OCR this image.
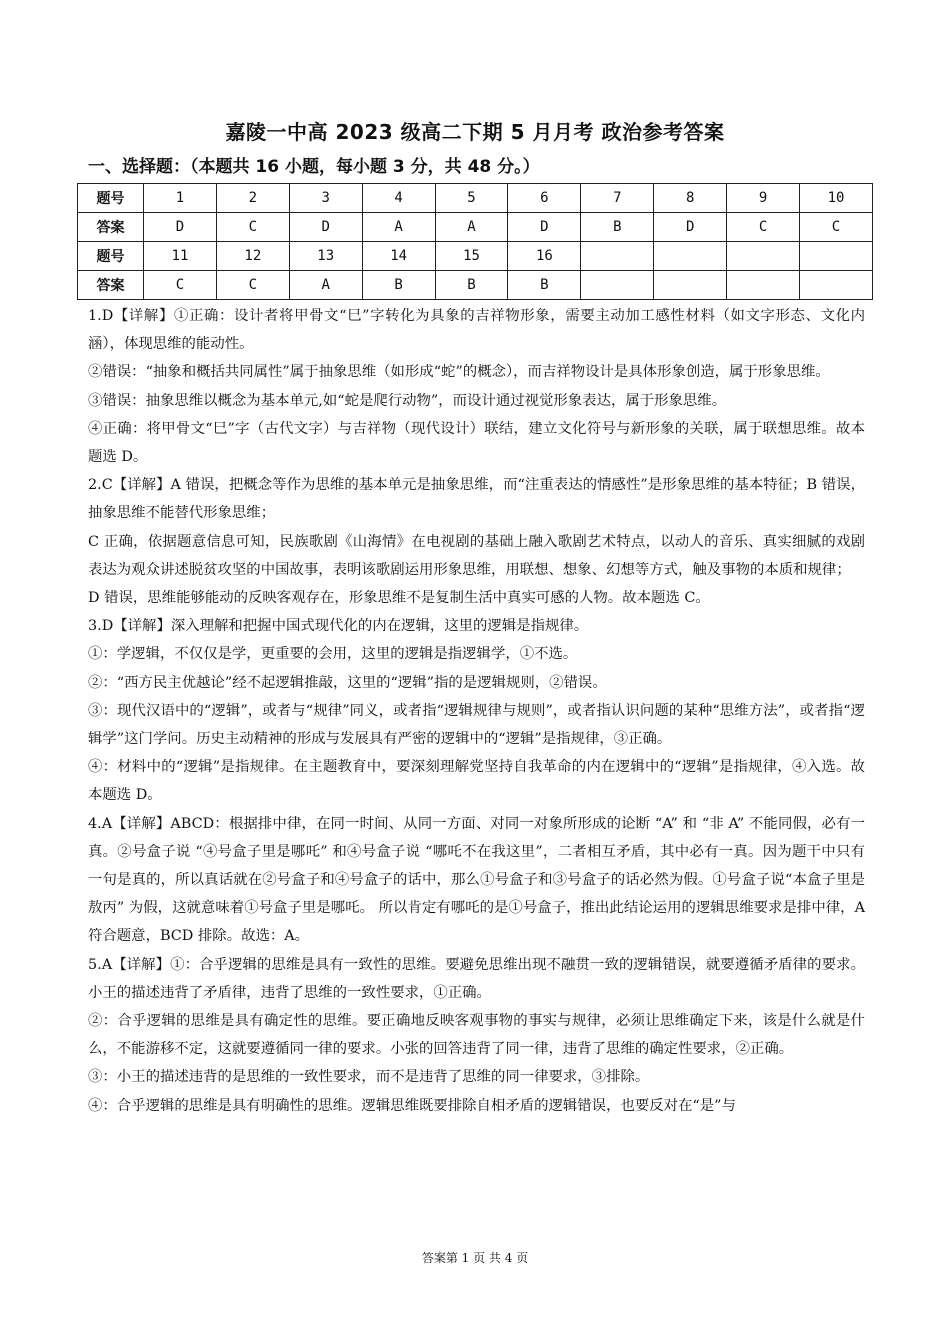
嘉陵一中高 2023 级高二下期 5 月月考 政治参考答案
一、选择题：（本题共 16 小题，每小题 3 分，共 48 分。）
题号	1	2	3	4	5	6	7	8	9	10
答案	D	C	D	A	A	D	B	D	C	C
题号	11	12	13	14	15	16				
答案	C	C	A	B	B	B				

1.D【详解】①正确：设计者将甲骨文“巳”字转化为具象的吉祥物形象，需要主动加工感性材料（如文字形态、文化内涵），体现思维的能动性。

②错误：“抽象和概括共同属性”属于抽象思维（如形成“蛇”的概念），而吉祥物设计是具体形象创造，属于形象思维。

③错误：抽象思维以概念为基本单元,如“蛇是爬行动物”，而设计通过视觉形象表达，属于形象思维。

④正确：将甲骨文“巳”字（古代文字）与吉祥物（现代设计）联结，建立文化符号与新形象的关联，属于联想思维。故本题选 D。

2.C【详解】A 错误，把概念等作为思维的基本单元是抽象思维，而“注重表达的情感性”是形象思维的基本特征；B 错误，抽象思维不能替代形象思维；

C 正确，依据题意信息可知，民族歌剧《山海情》在电视剧的基础上融入歌剧艺术特点，以动人的音乐、真实细腻的戏剧表达为观众讲述脱贫攻坚的中国故事，表明该歌剧运用形象思维，用联想、想象、幻想等方式，触及事物的本质和规律；

D 错误，思维能够能动的反映客观存在，形象思维不是复制生活中真实可感的人物。故本题选 C。

3.D【详解】深入理解和把握中国式现代化的内在逻辑，这里的逻辑是指规律。

①：学逻辑，不仅仅是学，更重要的会用，这里的逻辑是指逻辑学，①不选。

②：“西方民主优越论”经不起逻辑推敲，这里的“逻辑”指的是逻辑规则，②错误。

③：现代汉语中的“逻辑”，或者与“规律”同义，或者指“逻辑规律与规则”，或者指认识问题的某种“思维方法”，或者指“逻辑学”这门学问。历史主动精神的形成与发展具有严密的逻辑中的“逻辑”是指规律，③正确。

④：材料中的“逻辑”是指规律。在主题教育中，要深刻理解党坚持自我革命的内在逻辑中的“逻辑”是指规律，④入选。故本题选 D。

4.A【详解】ABCD：根据排中律，在同一时间、从同一方面、对同一对象所形成的论断 “A” 和 “非 A” 不能同假，必有一真。②号盒子说 “④号盒子里是哪吒” 和④号盒子说 “哪吒不在我这里”，二者相互矛盾，其中必有一真。因为题干中只有一句是真的，所以真话就在②号盒子和④号盒子的话中，那么①号盒子和③号盒子的话必然为假。①号盒子说“本盒子里是敖丙” 为假，这就意味着①号盒子里是哪吒。 所以肯定有哪吒的是①号盒子，推出此结论运用的逻辑思维要求是排中律，A 符合题意，BCD 排除。故选：A。

5.A【详解】①：合乎逻辑的思维是具有一致性的思维。要避免思维出现不融贯一致的逻辑错误，就要遵循矛盾律的要求。小王的描述违背了矛盾律，违背了思维的一致性要求，①正确。

②：合乎逻辑的思维是具有确定性的思维。要正确地反映客观事物的事实与规律，必须让思维确定下来，该是什么就是什么，不能游移不定，这就要遵循同一律的要求。小张的回答违背了同一律，违背了思维的确定性要求，②正确。

③：小王的描述违背的是思维的一致性要求，而不是违背了思维的同一律要求，③排除。

④：合乎逻辑的思维是具有明确性的思维。逻辑思维既要排除自相矛盾的逻辑错误，也要反对在“是”与

答案第 1 页 共 4 页
